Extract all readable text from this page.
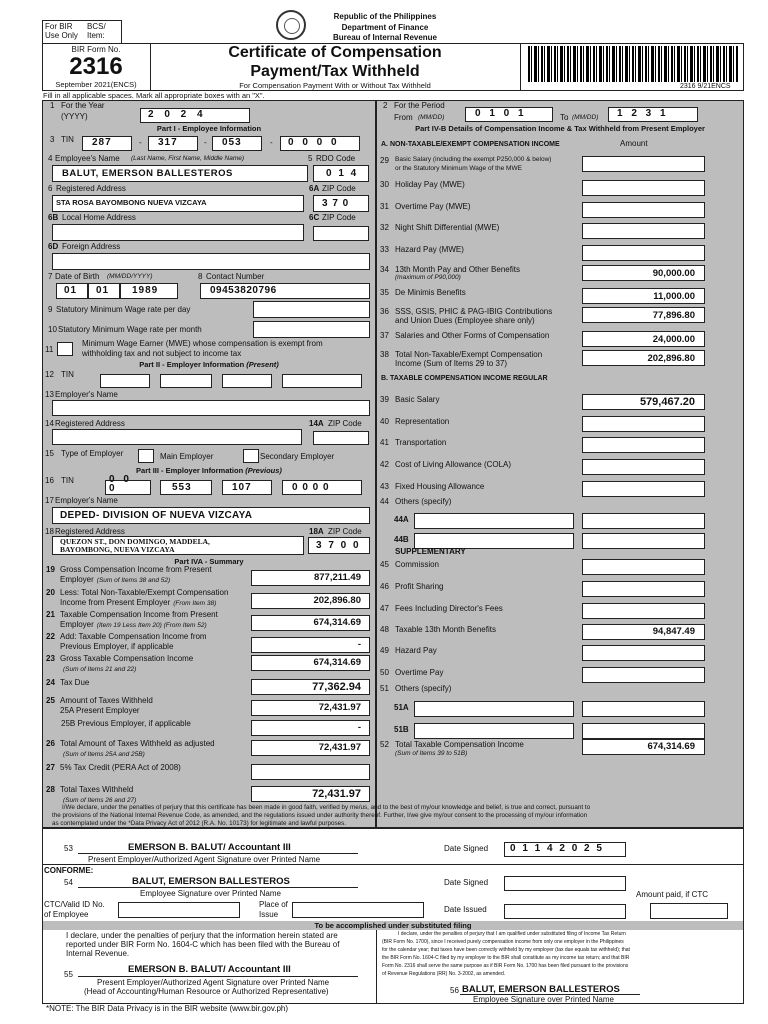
For BIR BCS/
Use Only Item:
Republic of the Philippines
Department of Finance
Bureau of Internal Revenue
BIR Form No.
2316
September 2021(ENCS)
Certificate of Compensation
Payment/Tax Withheld
For Compensation Payment With or Without Tax Withheld	2316 9/21ENCS
Fill in all applicable spaces. Mark all appropriate boxes with an "X".
1 For the Year
(YYYY)	2 0 2 4
2 For the Period
From (MM/DD)	0 1 0 1	To (MM/DD) 1 2 3 1
Part I - Employee Information	Part IV-B Details of Compensation Income & Tax Withheld from Present Employer
3 TIN 287	- 317	- 053	- 0 0 0 0
4 Employee's Name (Last Name, First Name, Middle Name)	5 RDO Code
BALUT, EMERSON BALLESTEROS	0 1 4
6 Registered Address	6A ZIP Code
STA ROSA BAYOMBONG NUEVA VIZCAYA	3 7 0
6B Local Home Address	6C ZIP Code
6D Foreign Address
7 Date of Birth (MM/DD/YYYY)	8 Contact Number
01 01 1989	09453820796
9 Statutory Minimum Wage rate per day
10 Statutory Minimum Wage rate per month
11
Minimum Wage Earner (MWE) whose compensation is exempt from
withholding tax and not subject to income tax
Part II - Employer Information (Present)
12 TIN
13 Employer's Name
14 Registered Address	14A ZIP Code
15 Type of Employer	Main Employer	Secondary Employer
Part III - Employer Information (Previous)
16 TIN	0 0 0	553	107	0 0 0 0
17 Employer's Name
DEPED- DIVISION OF NUEVA VIZCAYA
18 Registered Address	18A ZIP Code
QUEZON ST., DON DOMINGO, MADDELA,
BAYOMBONG, NUEVA VIZCAYA	3 7 0 0
Part IVA - Summary
19 Gross Compensation Income from Present
Employer (Sum of Items 38 and 52)	877,211.49
20 Less: Total Non-Taxable/Exempt Compensation
Income from Present Employer (From Item 38)	202,896.80
21 Taxable Compensation Income from Present
Employer (Item 19 Less Item 20) (From Item 52)	674,314.69
22 Add: Taxable Compensation Income from
Previous Employer, if applicable	-
23 Gross Taxable Compensation Income
(Sum of Items 21 and 22)
674,314.69
24 Tax Due	77,362.94
25 Amount of Taxes Withheld
25A Present Employer	72,431.97
25B Previous Employer, if applicable	-
26 Total Amount of Taxes Withheld as adjusted
(Sum of Items 25A and 25B)
72,431.97
27 5% Tax Credit (PERA Act of 2008)
28 Total Taxes Withheld
(Sum of Items 26 and 27)
72,431.97
A. NON-TAXABLE/EXEMPT COMPENSATION INCOME	Amount
29 Basic Salary (including the exempt P250,000 & below)
or the Statutory Minimum Wage of the MWE
30 Holiday Pay (MWE)
31 Overtime Pay (MWE)
32 Night Shift Differential (MWE)
33 Hazard Pay (MWE)
34 13th Month Pay and Other Benefits
(maximum of P90,000)	90,000.00
35 De Minimis Benefits	11,000.00
36 SSS, GSIS, PHIC & PAG-IBIG Contributions
and Union Dues (Employee share only)	77,896.80
37 Salaries and Other Forms of Compensation	24,000.00
38 Total Non-Taxable/Exempt Compensation
Income (Sum of Items 29 to 37)	202,896.80
B. TAXABLE COMPENSATION INCOME REGULAR
39 Basic Salary	579,467.20
40 Representation
41 Transportation
42 Cost of Living Allowance (COLA)
43 Fixed Housing Allowance
44 Others (specify)
44A
44B
45 Commission
46 Profit Sharing
47 Fees Including Director's Fees
48 Taxable 13th Month Benefits	94,847.49
49 Hazard Pay
50 Overtime Pay
51 Others (specify)
51A
51B
52 Total Taxable Compensation Income
(Sum of Items 39 to 51B)
674,314.69
SUPPLEMENTARY
I/We declare, under the penalties of perjury that this certificate has been made in good faith, verified by me/us, and to the best of my/our knowledge and belief, is true and correct, pursuant to
the provisions of the National Internal Revenue Code, as amended, and the regulations issued under authority thereof. Further, I/we give my/our consent to the processing of my/our information
as contemplated under the *Data Privacy Act of 2012 (R.A. No. 10173) for legitimate and lawful purposes.
53	EMERSON B. BALUT/ Accountant III
Present Employer/Authorized Agent Signature over Printed Name
Date Signed 0 1 1 4 2 0 2 5
CONFORME:
54	BALUT, EMERSON BALLESTEROS
Employee Signature over Printed Name
Date Signed
Amount paid, if CTC
CTC/Valid ID No.
of Employee
Place of
Issue
Date Issued
To be accomplished under substituted filing
I declare, under the penalties of perjury that the information herein stated are
reported under BIR Form No. 1604-C which has been filed with the Bureau of
Internal Revenue.
55	EMERSON B. BALUT/ Accountant III
Present Employer/Authorized Agent Signature over Printed Name
(Head of Accounting/Human Resource or Authorized Representative)
I declare, under the penalties of perjury that I am qualified under substituted filing of Income Tax Return
(BIR Form No. 1700), since I received purely compensation income from only one employer in the Philippines
for the calendar year; that taxes have been correctly withheld by my employer (tax due equals tax withheld); that
the BIR Form No. 1604-C filed by my employer to the BIR shall constitute as my income tax return; and that BIR
Form No. 2316 shall serve the same purpose as if BIR Form No. 1700 has been filed pursuant to the provisions
of Revenue Regulations (RR) No. 3-2002, as amended.
56 BALUT, EMERSON BALLESTEROS
Employee Signature over Printed Name
*NOTE: The BIR Data Privacy is in the BIR website (www.bir.gov.ph)
